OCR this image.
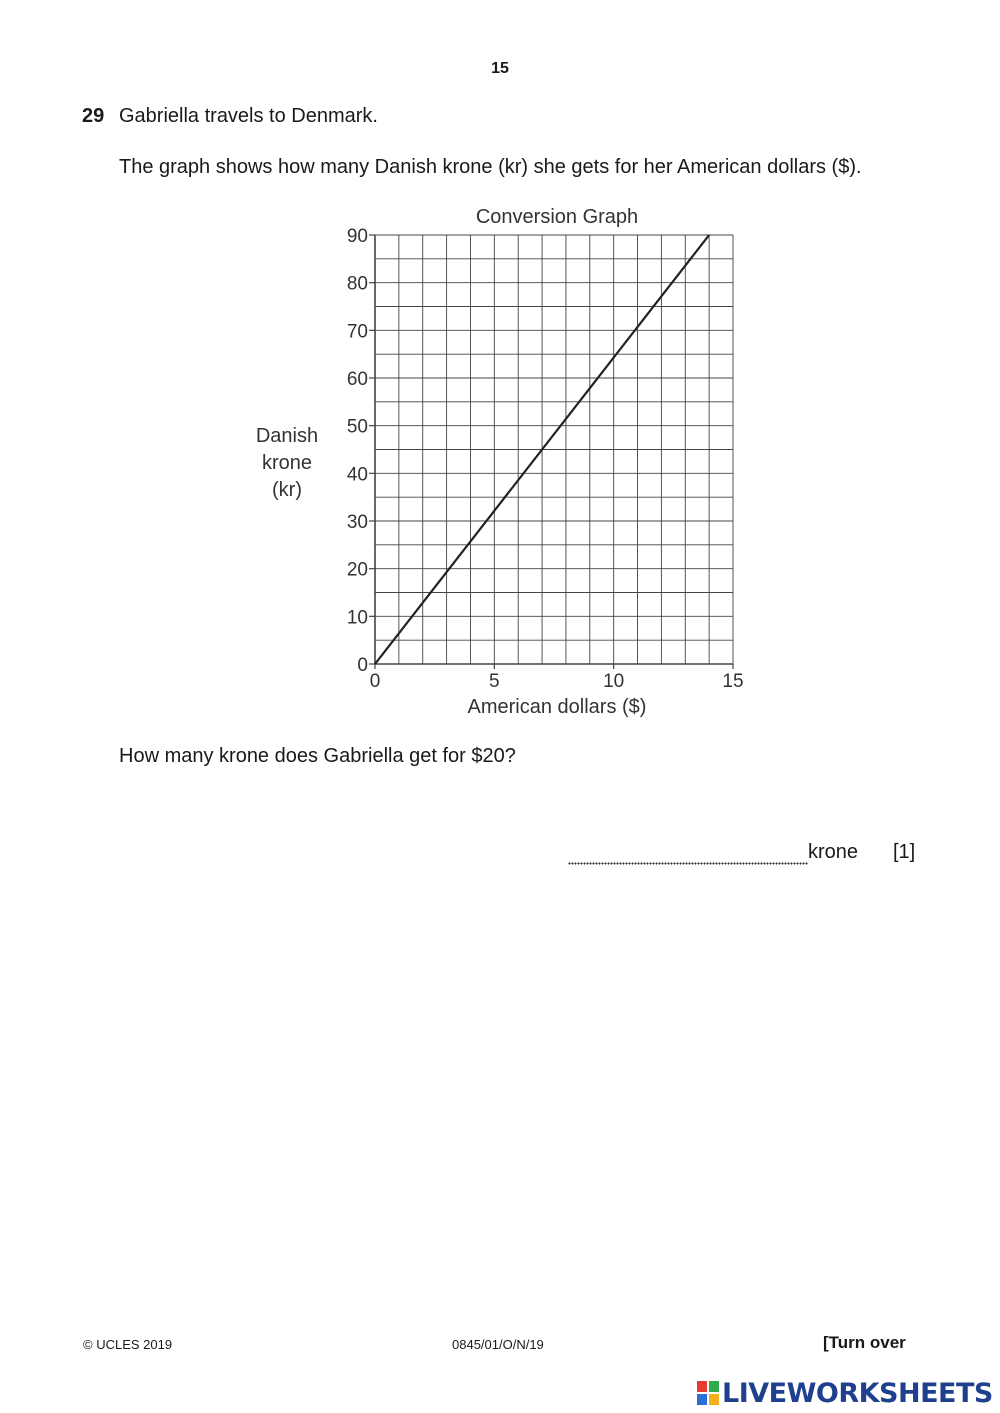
15
29 Gabriella travels to Denmark.
The graph shows how many Danish krone (kr) she gets for her American dollars ($).
Conversion Graph
Danish
krone
(kr)
0
10
20
30
40
50
60
70
80
90
0	5	10	15
American dollars ($)
How many krone does Gabriella get for $20?
krone [1]
© UCLES 2019	0845/01/O/N/19	[Turn over
LIVEWORKSHEETS
